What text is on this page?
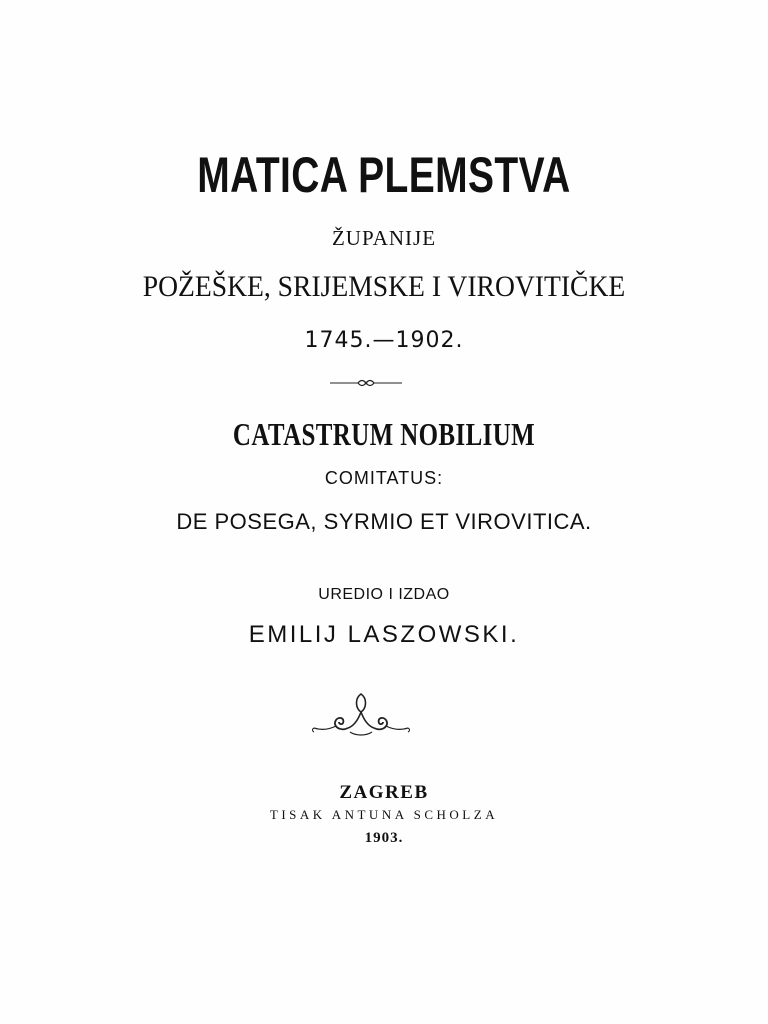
MATICA PLEMSTVA
ŽUPANIJE
POŽEŠKE, SRIJEMSKE I VIROVITIČKE
1745.—1902.
CATASTRUM NOBILIUM
COMITATUS:
DE POSEGA, SYRMIO ET VIROVITICA.
UREDIO I IZDAO
EMILIJ LASZOWSKI.
ZAGREB
TISAK ANTUNA SCHOLZA
1903.
